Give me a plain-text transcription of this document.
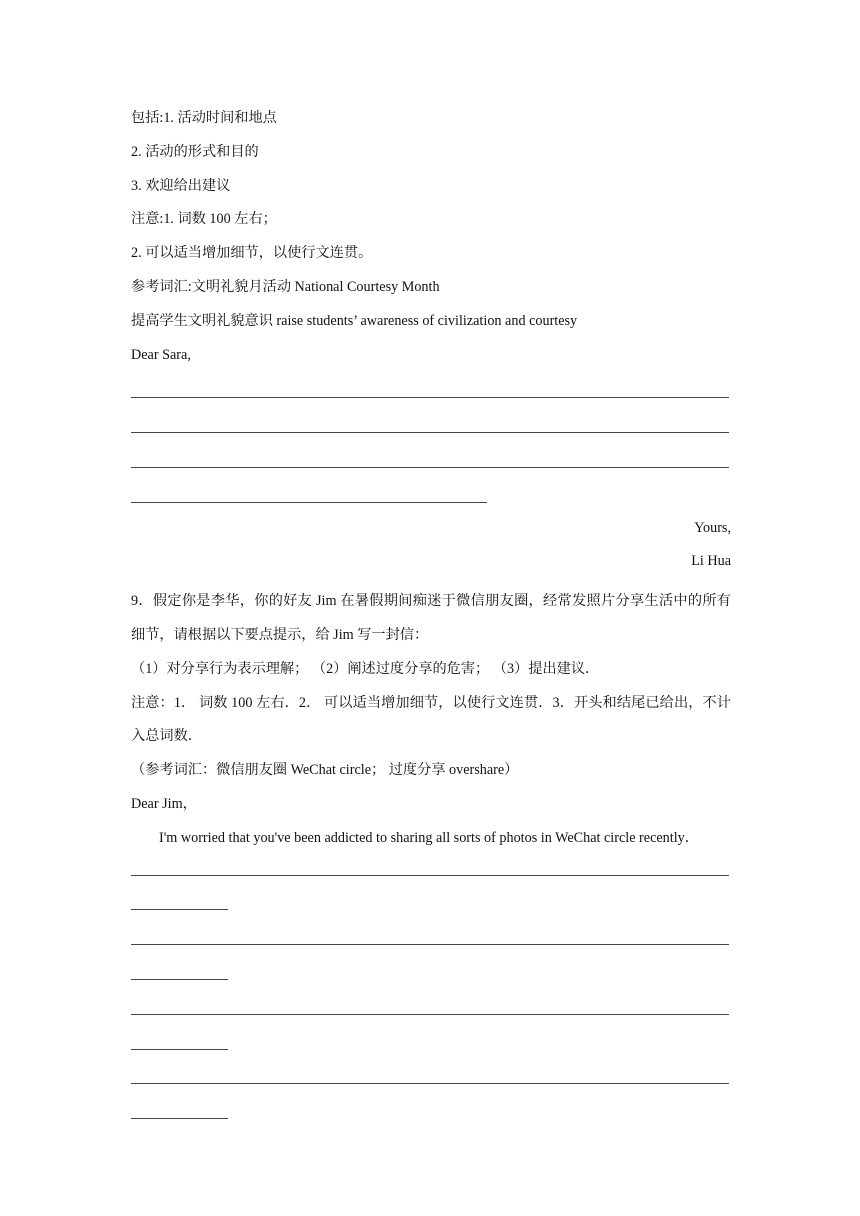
包括:1. 活动时间和地点
2. 活动的形式和目的
3. 欢迎给出建议
注意:1. 词数 100 左右；
2. 可以适当增加细节，以使行文连贯。
参考词汇:文明礼貌月活动 National Courtesy Month
提高学生文明礼貌意识 raise students’ awareness of civilization and courtesy
Dear Sara,
Yours,
Li Hua

9．假定你是李华，你的好友 Jim 在暑假期间痴迷于微信朋友圈，经常发照片分享生活中的所有细节，请根据以下要点提示，给 Jim 写一封信：

（1）对分享行为表示理解； （2）阐述过度分享的危害； （3）提出建议．

注意：1． 词数 100 左右．2． 可以适当增加细节，以使行文连贯．3．开头和结尾已给出，不计入总词数．

（参考词汇：微信朋友圈 WeChat circle； 过度分享 overshare）

Dear Jim，

I'm worried that you've been addicted to sharing all sorts of photos in WeChat circle recently．
